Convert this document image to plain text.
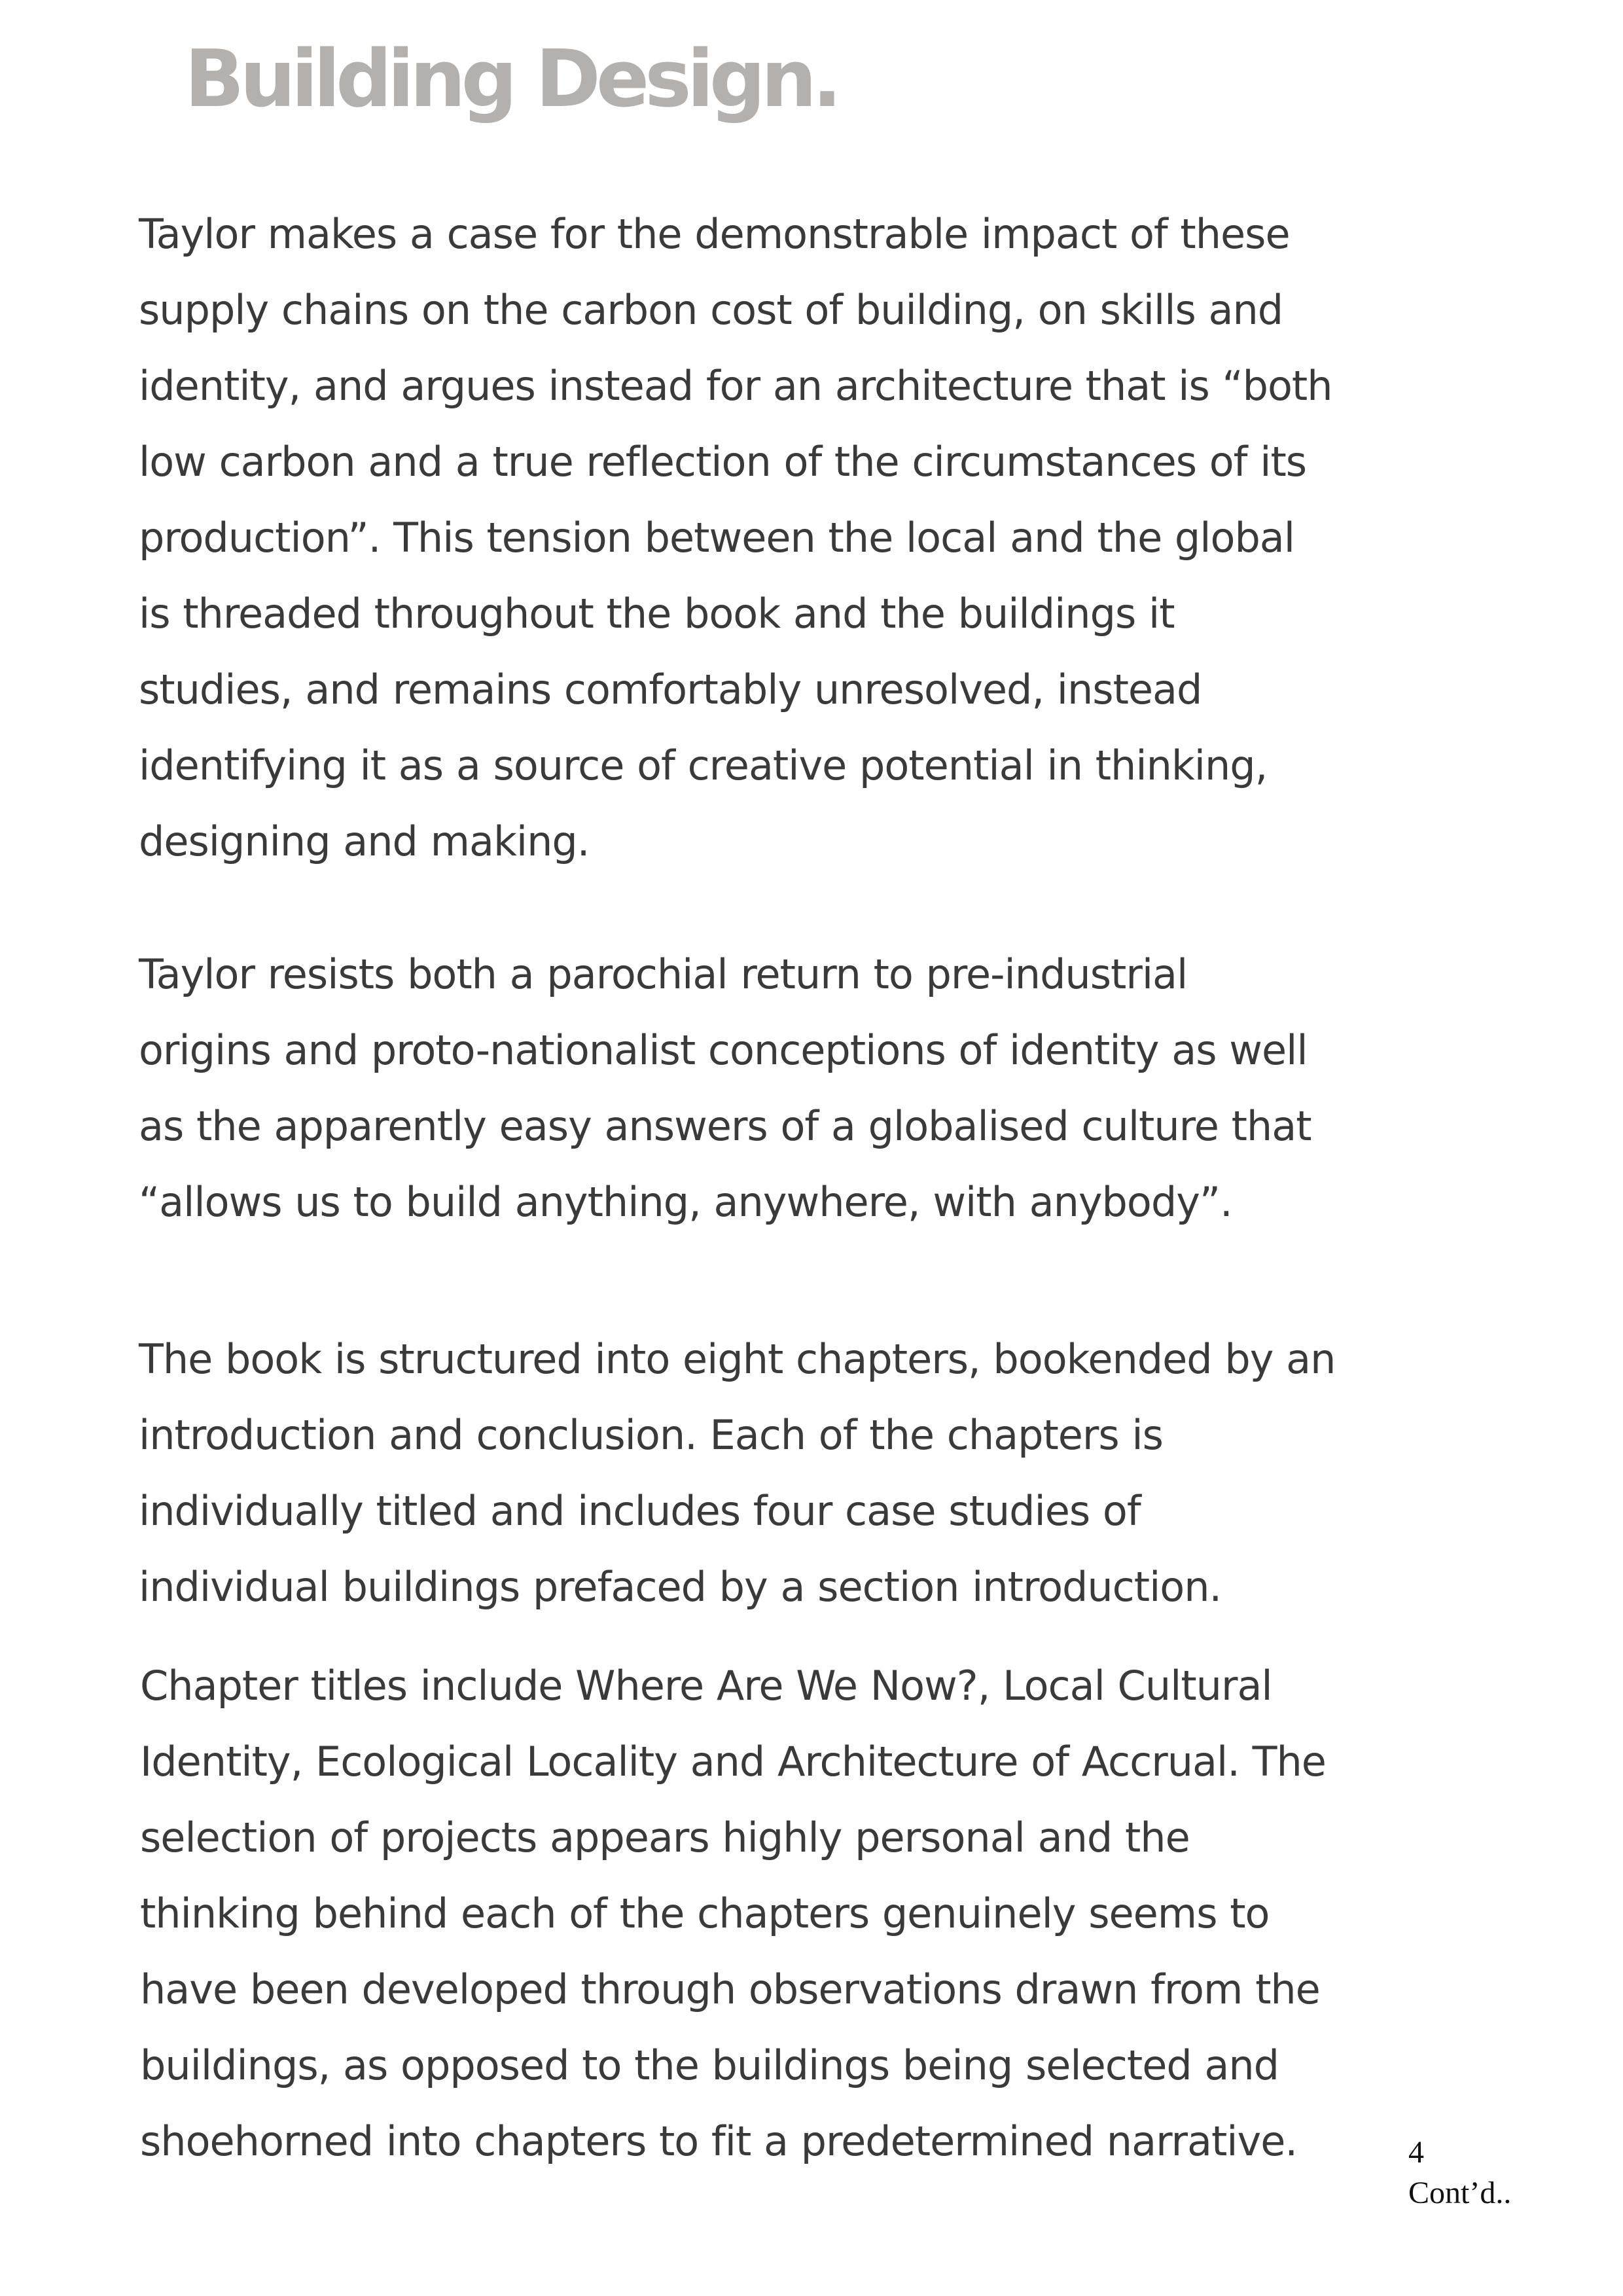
Building Design.
Taylor makes a case for the demonstrable impact of these
supply chains on the carbon cost of building, on skills and
identity, and argues instead for an architecture that is “both
low carbon and a true reflection of the circumstances of its
production”. This tension between the local and the global
is threaded throughout the book and the buildings it
studies, and remains comfortably unresolved, instead
identifying it as a source of creative potential in thinking,
designing and making.
Taylor resists both a parochial return to pre-industrial
origins and proto-nationalist conceptions of identity as well
as the apparently easy answers of a globalised culture that
“allows us to build anything, anywhere, with anybody”.
The book is structured into eight chapters, bookended by an
introduction and conclusion. Each of the chapters is
individually titled and includes four case studies of
individual buildings prefaced by a section introduction.
Chapter titles include Where Are We Now?, Local Cultural
Identity, Ecological Locality and Architecture of Accrual. The
selection of projects appears highly personal and the
thinking behind each of the chapters genuinely seems to
have been developed through observations drawn from the
buildings, as opposed to the buildings being selected and
shoehorned into chapters to fit a predetermined narrative.	4
Cont’d..
